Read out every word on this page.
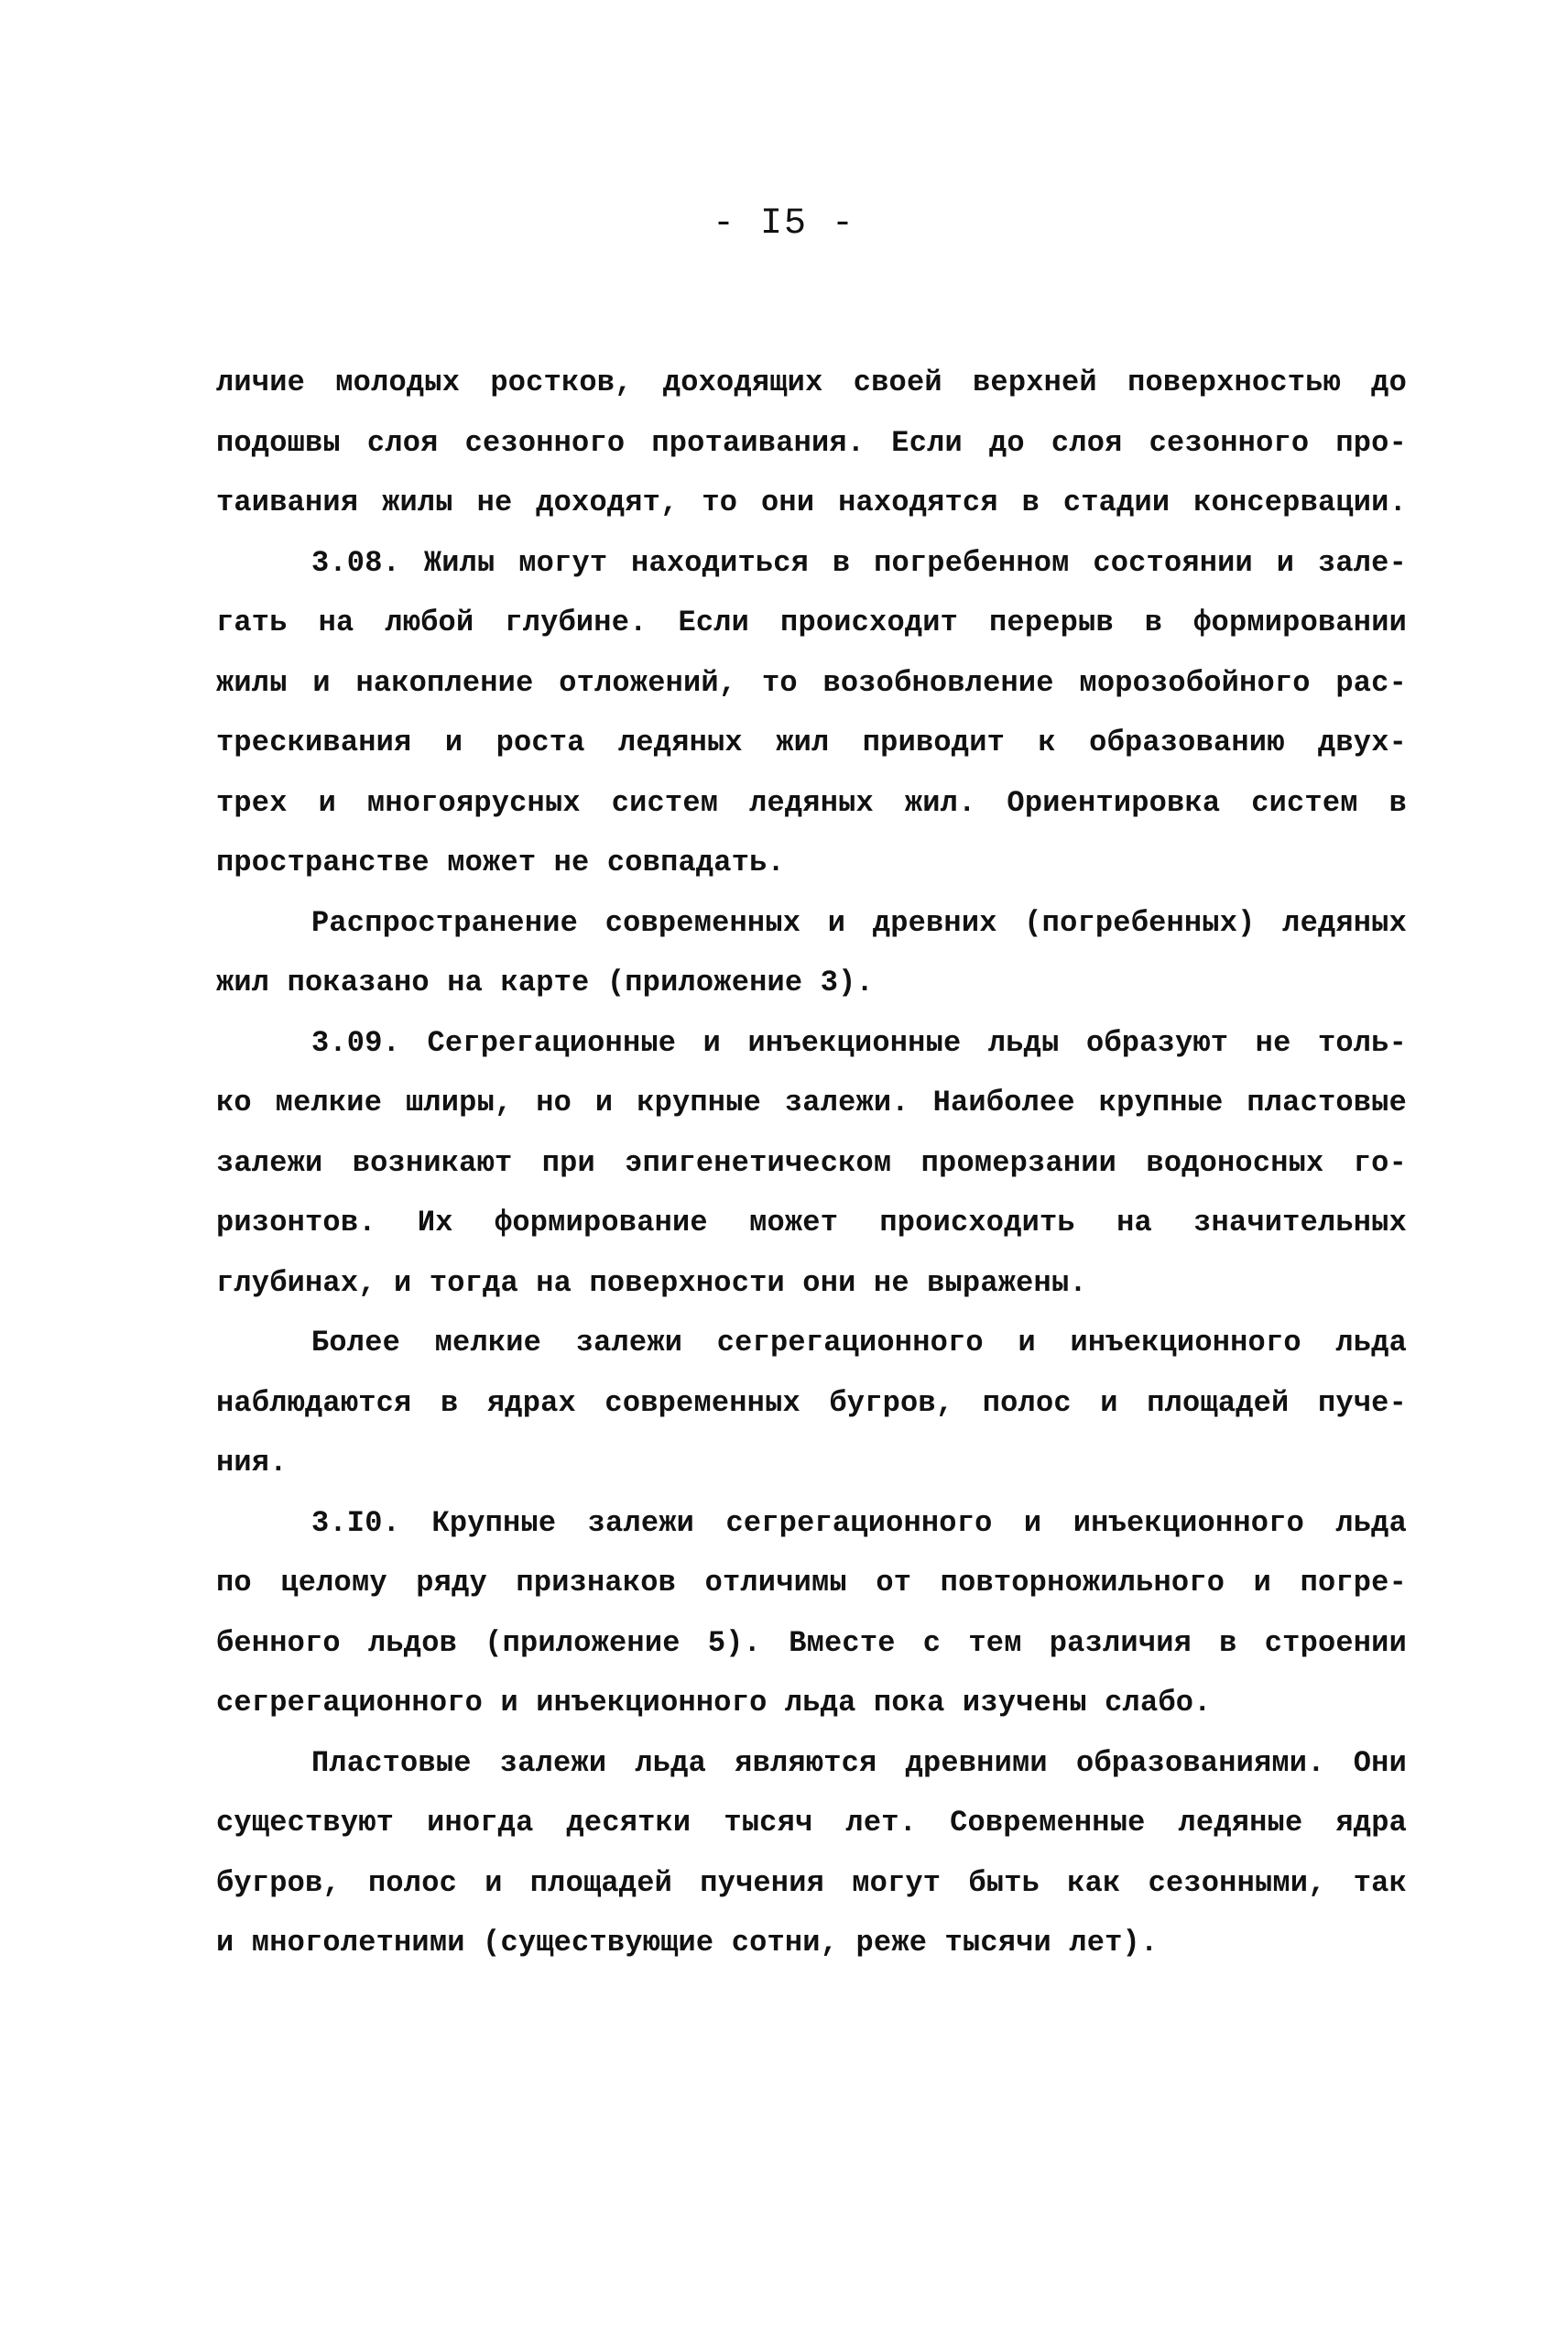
- I5 -
личие молодых ростков, доходящих своей верхней поверхностью до
подошвы слоя сезонного протаивания. Если до слоя сезонного про-
таивания жилы не доходят, то они находятся в стадии консервации.
3.08. Жилы могут находиться в погребенном состоянии и зале-
гать на любой глубине. Если происходит перерыв в формировании
жилы и накопление отложений, то возобновление морозобойного рас-
трескивания и роста ледяных жил приводит к образованию двух-
трех и многоярусных систем ледяных жил. Ориентировка систем в
пространстве может не совпадать.
Распространение современных и древних (погребенных) ледяных
жил показано на карте (приложение 3).
3.09. Сегрегационные и инъекционные льды образуют не толь-
ко мелкие шлиры, но и крупные залежи. Наиболее крупные пластовые
залежи возникают при эпигенетическом промерзании водоносных го-
ризонтов. Их формирование может происходить на значительных
глубинах, и тогда на поверхности они не выражены.
Более мелкие залежи сегрегационного и инъекционного льда
наблюдаются в ядрах современных бугров, полос и площадей пуче-
ния.
3.I0. Крупные залежи сегрегационного и инъекционного льда
по целому ряду признаков отличимы от повторножильного и погре-
бенного льдов (приложение 5). Вместе с тем различия в строении
сегрегационного и инъекционного льда пока изучены слабо.
Пластовые залежи льда являются древними образованиями. Они
существуют иногда десятки тысяч лет. Современные ледяные ядра
бугров, полос и площадей пучения могут быть как сезонными, так
и многолетними (существующие сотни, реже тысячи лет).
